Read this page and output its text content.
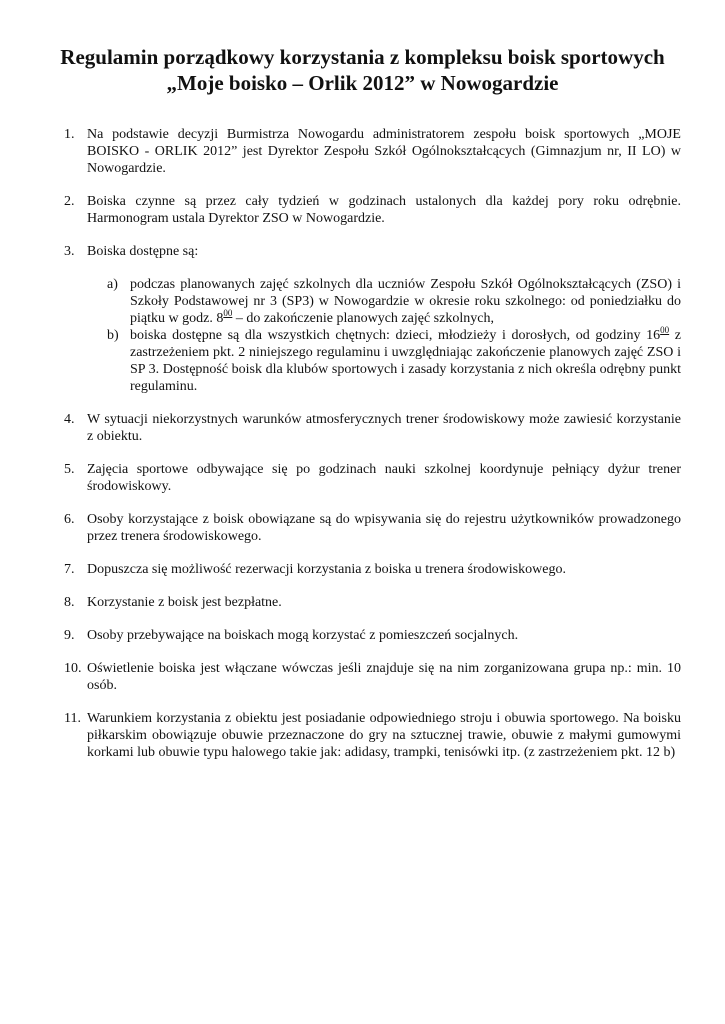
Regulamin porządkowy korzystania z kompleksu boisk sportowych
„Moje boisko – Orlik 2012” w Nowogardzie
1. Na podstawie decyzji Burmistrza Nowogardu administratorem zespołu boisk sportowych „MOJE BOISKO - ORLIK 2012” jest Dyrektor Zespołu Szkół Ogólnokształcących (Gimnazjum nr, II LO) w Nowogardzie.
2. Boiska czynne są przez cały tydzień w godzinach ustalonych dla każdej pory roku odrębnie. Harmonogram ustala Dyrektor ZSO w Nowogardzie.
3. Boiska dostępne są:
a) podczas planowanych zajęć szkolnych dla uczniów Zespołu Szkół Ogólnokształcących (ZSO) i Szkoły Podstawowej nr 3 (SP3) w Nowogardzie w okresie roku szkolnego: od poniedziałku do piątku w godz. $8^{00}$ – do zakończenie planowych zajęć szkolnych,
b) boiska dostępne są dla wszystkich chętnych: dzieci, młodzieży i dorosłych, od godziny $16^{00}$ z zastrzeżeniem pkt. 2 niniejszego regulaminu i uwzględniając zakończenie planowych zajęć ZSO i SP 3. Dostępność boisk dla klubów sportowych i zasady korzystania z nich określa odrębny punkt regulaminu.
4. W sytuacji niekorzystnych warunków atmosferycznych trener środowiskowy może zawiesić korzystanie z obiektu.
5. Zajęcia sportowe odbywające się po godzinach nauki szkolnej koordynuje pełniący dyżur trener środowiskowy.
6. Osoby korzystające z boisk obowiązane są do wpisywania się do rejestru użytkowników prowadzonego przez trenera środowiskowego.
7. Dopuszcza się możliwość rezerwacji korzystania z boiska u trenera środowiskowego.
8. Korzystanie z boisk jest bezpłatne.
9. Osoby przebywające na boiskach mogą korzystać z pomieszczeń socjalnych.
10. Oświetlenie boiska jest włączane wówczas jeśli znajduje się na nim zorganizowana grupa np.: min. 10 osób.
11. Warunkiem korzystania z obiektu jest posiadanie odpowiedniego stroju i obuwia sportowego. Na boisku piłkarskim obowiązuje obuwie przeznaczone do gry na sztucznej trawie, obuwie z małymi gumowymi korkami lub obuwie typu halowego takie jak: adidasy, trampki, tenisówki itp. (z zastrzeżeniem pkt. 12 b)
